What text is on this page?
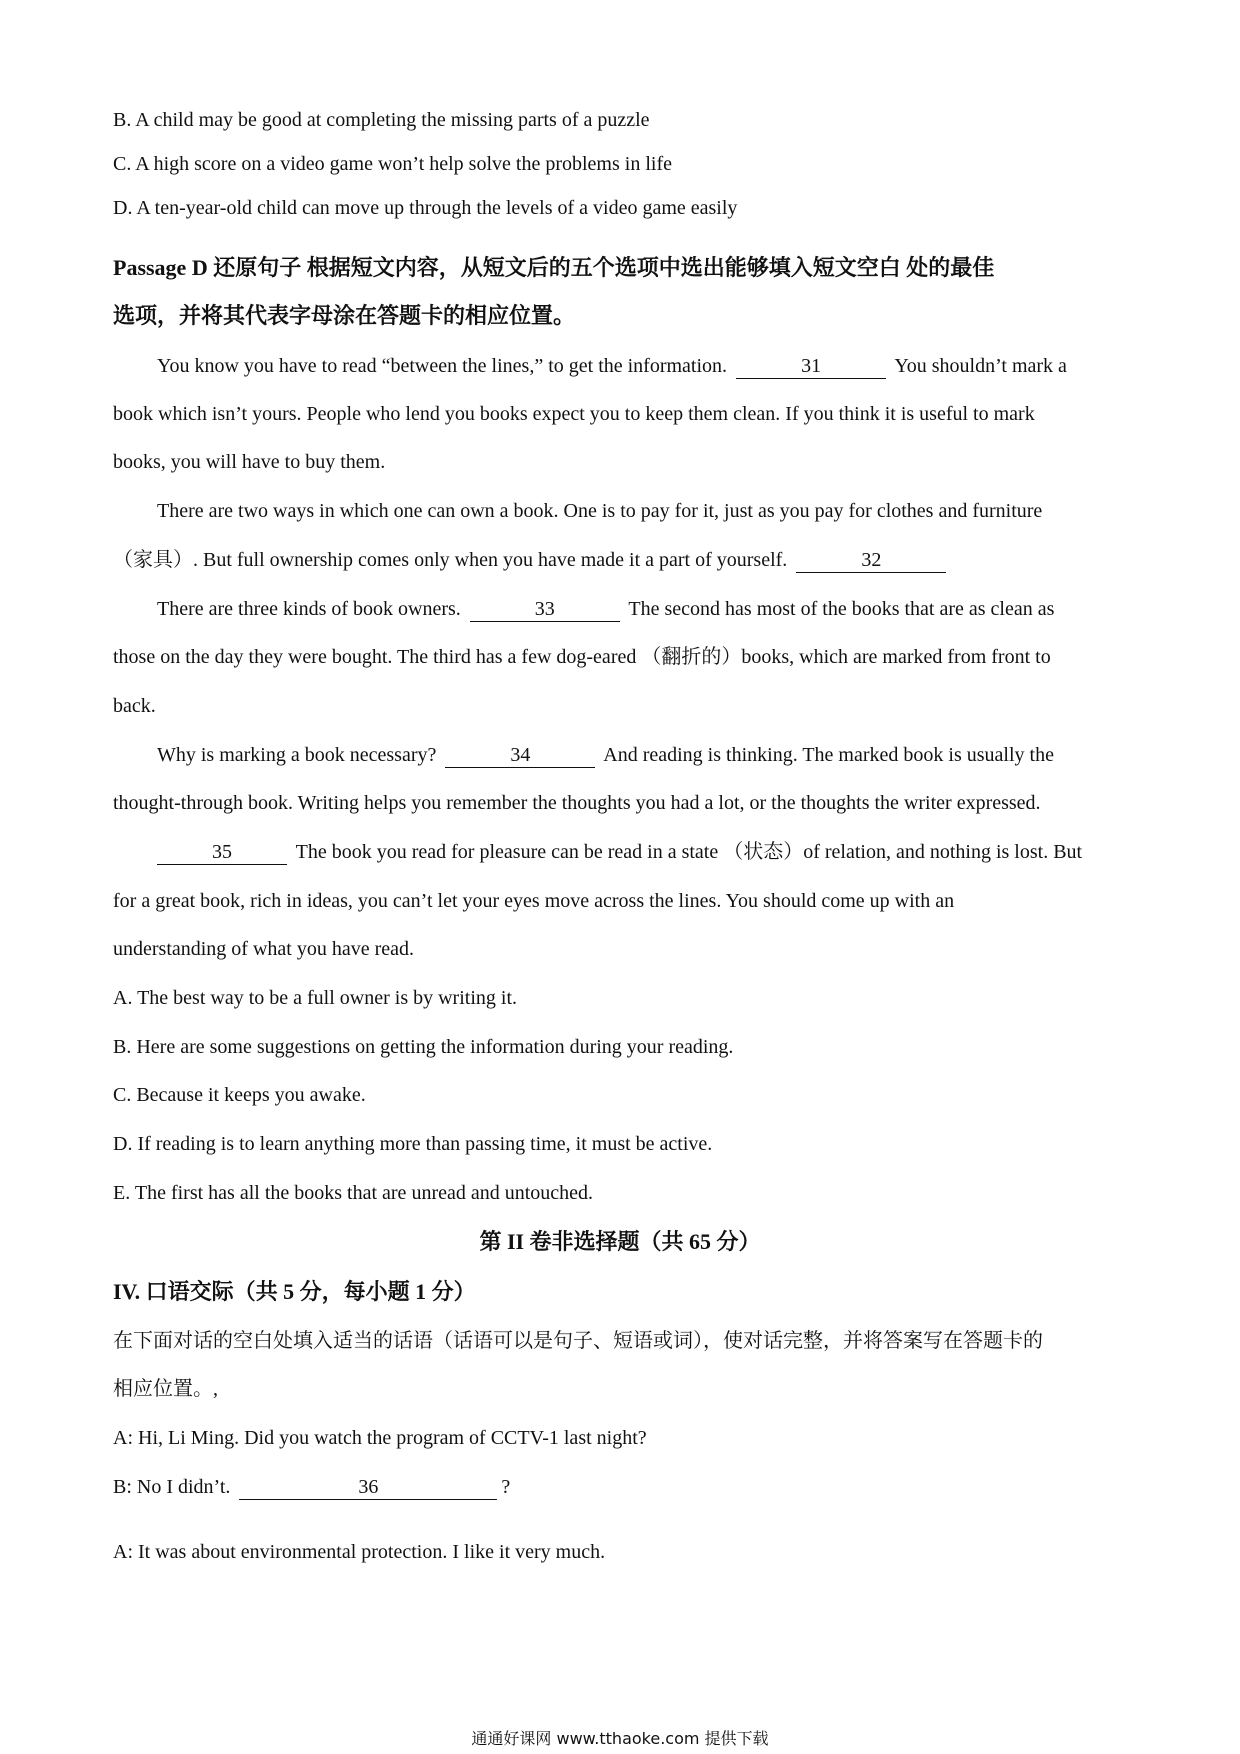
B. A child may be good at completing the missing parts of a puzzle
C. A high score on a video game won’t help solve the problems in life
D. A ten-year-old child can move up through the levels of a video game easily
Passage D 还原句子 根据短文内容，从短文后的五个选项中选出能够填入短文空白 处的最佳
选项，并将其代表字母涂在答题卡的相应位置。
You know you have to read “between the lines,” to get the information.	31	You shouldn’t mark a
book which isn’t yours. People who lend you books expect you to keep them clean. If you think it is useful to mark
books, you will have to buy them.
There are two ways in which one can own a book. One is to pay for it, just as you pay for clothes and furniture
（家具）. But full ownership comes only when you have made it a part of yourself.	32
There are three kinds of book owners.	33	The second has most of the books that are as clean as
those on the day they were bought. The third has a few dog-eared （翻折的）books, which are marked from front to
back.
Why is marking a book necessary?	34	And reading is thinking. The marked book is usually the
thought-through book. Writing helps you remember the thoughts you had a lot, or the thoughts the writer expressed.
35	The book you read for pleasure can be read in a state （状态）of relation, and nothing is lost. But
for a great book, rich in ideas, you can’t let your eyes move across the lines. You should come up with an
understanding of what you have read.
A. The best way to be a full owner is by writing it.
B. Here are some suggestions on getting the information during your reading.
C. Because it keeps you awake.
D. If reading is to learn anything more than passing time, it must be active.
E. The first has all the books that are unread and untouched.
第 II 卷非选择题（共 65 分）
IV. 口语交际（共 5 分，每小题 1 分）
在下面对话的空白处填入适当的话语（话语可以是句子、短语或词），使对话完整，并将答案写在答题卡的
相应位置。,
A: Hi, Li Ming. Did you watch the program of CCTV-1 last night?
B: No I didn’t.	36	?
A: It was about environmental protection. I like it very much.
通通好课网 www.tthaoke.com 提供下载
